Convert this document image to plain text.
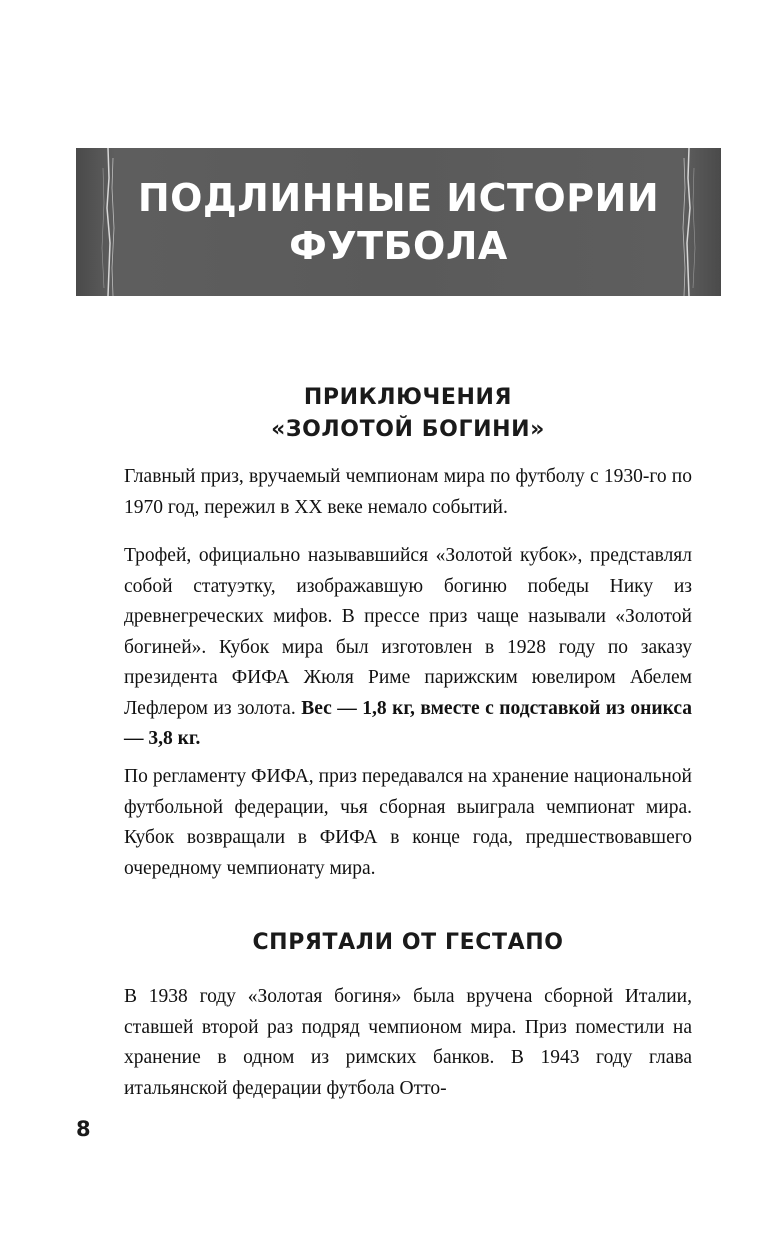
ПОДЛИННЫЕ ИСТОРИИ
ФУТБОЛА
ПРИКЛЮЧЕНИЯ
«ЗОЛОТОЙ БОГИНИ»

Главный приз, вручаемый чемпионам мира по футболу с 1930-го по 1970 год, пережил в XX веке немало событий.

Трофей, официально называвшийся «Золотой кубок», представлял собой статуэтку, изображавшую богиню победы Нику из древнегреческих мифов. В прессе приз чаще называли «Золотой богиней». Кубок мира был изготовлен в 1928 году по заказу президента ФИФА Жюля Риме парижским ювелиром Абелем Лефлером из золота. Вес — 1,8 кг, вместе с подставкой из оникса — 3,8 кг.

По регламенту ФИФА, приз передавался на хранение национальной футбольной федерации, чья сборная выиграла чемпионат мира. Кубок возвращали в ФИФА в конце года, предшествовавшего очередному чемпионату мира.

СПРЯТАЛИ ОТ ГЕСТАПО

В 1938 году «Золотая богиня» была вручена сборной Италии, ставшей второй раз подряд чемпионом мира. Приз поместили на хранение в одном из римских банков. В 1943 году глава итальянской федерации футбола Отто-

8
